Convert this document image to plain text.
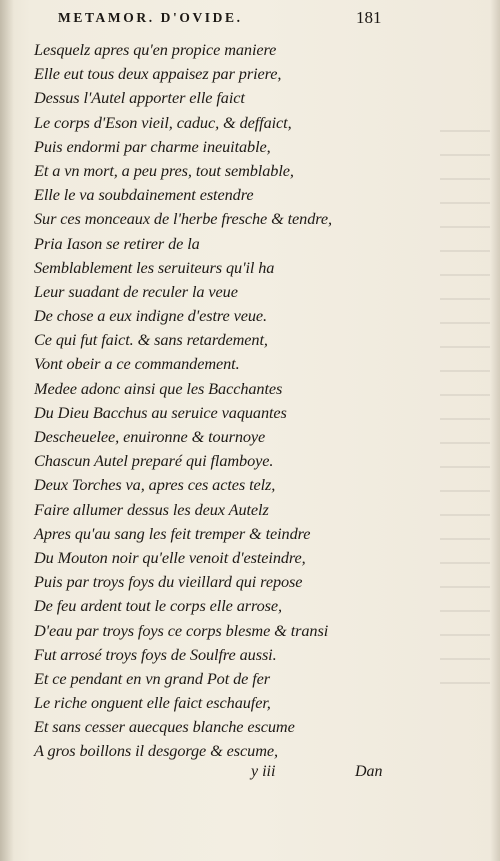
METAMOR. D'OVIDE.	181
Lesquelz apres qu'en propice maniere
Elle eut tous deux appaisez par priere,
Dessus l'Autel apporter elle faict
Le corps d'Eson vieil, caduc, & deffaict,
Puis endormi par charme ineuitable,
Et a vn mort, a peu pres, tout semblable,
Elle le va soubdainement estendre
Sur ces monceaux de l'herbe fresche & tendre,
Pria Iason se retirer de la
Semblablement les seruiteurs qu'il ha
Leur suadant de reculer la veue
De chose a eux indigne d'estre veue.
Ce qui fut faict. & sans retardement,
Vont obeir a ce commandement.
Medee adonc ainsi que les Bacchantes
Du Dieu Bacchus au seruice vaquantes
Descheuelee, enuironne & tournoye
Chascun Autel preparé qui flamboye.
Deux Torches va, apres ces actes telz,
Faire allumer dessus les deux Autelz
Apres qu'au sang les feit tremper & teindre
Du Mouton noir qu'elle venoit d'esteindre,
Puis par troys foys du vieillard qui repose
De feu ardent tout le corps elle arrose,
D'eau par troys foys ce corps blesme & transi
Fut arrosé troys foys de Soulfre aussi.
Et ce pendant en vn grand Pot de fer
Le riche onguent elle faict eschaufer,
Et sans cesser auecques blanche escume
A gros boillons il desgorge & escume,
y iii	Dan
